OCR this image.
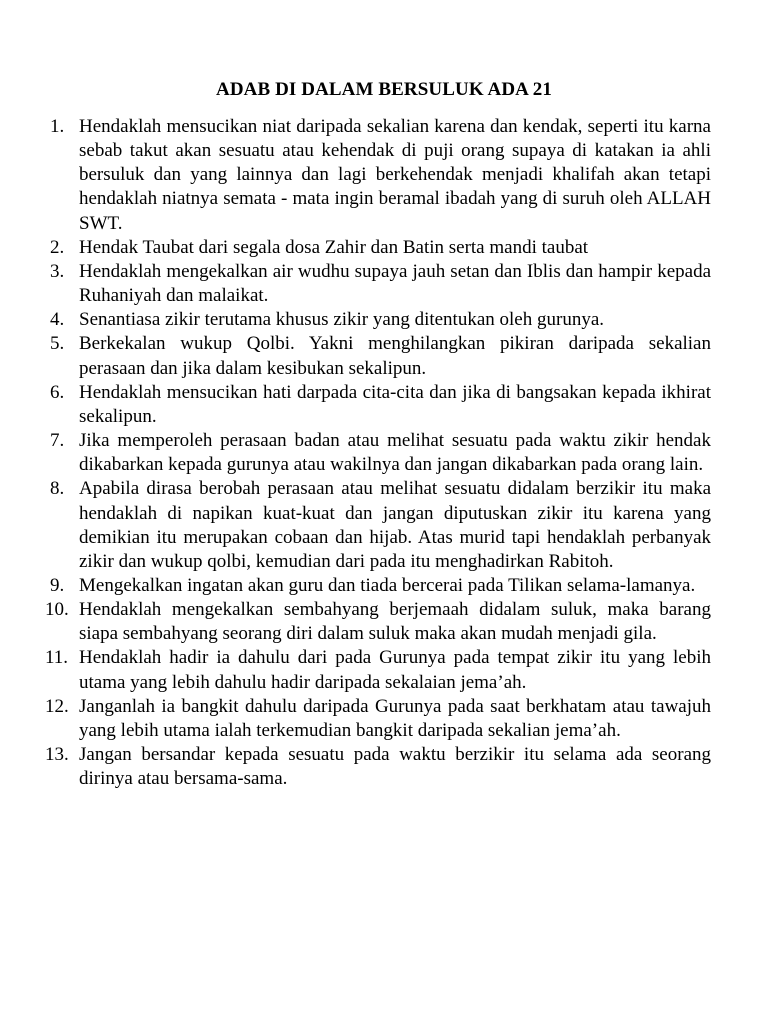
ADAB DI DALAM BERSULUK ADA 21
1. Hendaklah mensucikan niat daripada sekalian karena dan kendak, seperti itu karna sebab takut akan sesuatu atau kehendak di puji orang supaya di katakan ia ahli bersuluk dan yang lainnya dan lagi berkehendak menjadi khalifah akan tetapi hendaklah niatnya semata - mata ingin beramal ibadah yang di suruh oleh ALLAH SWT.
2. Hendak Taubat dari segala dosa Zahir dan Batin serta mandi taubat
3. Hendaklah mengekalkan air wudhu supaya jauh setan dan Iblis dan hampir kepada Ruhaniyah dan malaikat.
4. Senantiasa zikir terutama khusus zikir yang ditentukan oleh gurunya.
5. Berkekalan wukup Qolbi. Yakni menghilangkan pikiran daripada sekalian perasaan dan jika dalam kesibukan sekalipun.
6. Hendaklah mensucikan hati darpada cita-cita dan jika di bangsakan kepada ikhirat sekalipun.
7. Jika memperoleh perasaan badan atau melihat sesuatu pada waktu zikir hendak dikabarkan kepada gurunya atau wakilnya dan jangan dikabarkan pada orang lain.
8. Apabila dirasa berobah perasaan atau melihat sesuatu didalam berzikir itu maka hendaklah di napikan kuat-kuat dan jangan diputuskan zikir itu karena yang demikian itu merupakan cobaan dan hijab. Atas murid tapi hendaklah perbanyak zikir dan wukup qolbi, kemudian dari pada itu menghadirkan Rabitoh.
9. Mengekalkan ingatan akan guru dan tiada bercerai pada Tilikan selama-lamanya.
10. Hendaklah mengekalkan sembahyang berjemaah didalam suluk, maka barang siapa sembahyang seorang diri dalam suluk maka akan mudah menjadi gila.
11. Hendaklah hadir ia dahulu dari pada Gurunya pada tempat zikir itu yang lebih utama yang lebih dahulu hadir daripada sekalaian jema’ah.
12. Janganlah ia bangkit dahulu daripada Gurunya pada saat berkhatam atau tawajuh yang lebih utama ialah terkemudian bangkit daripada sekalian jema’ah.
13. Jangan bersandar kepada sesuatu pada waktu berzikir itu selama ada seorang dirinya atau bersama-sama.
